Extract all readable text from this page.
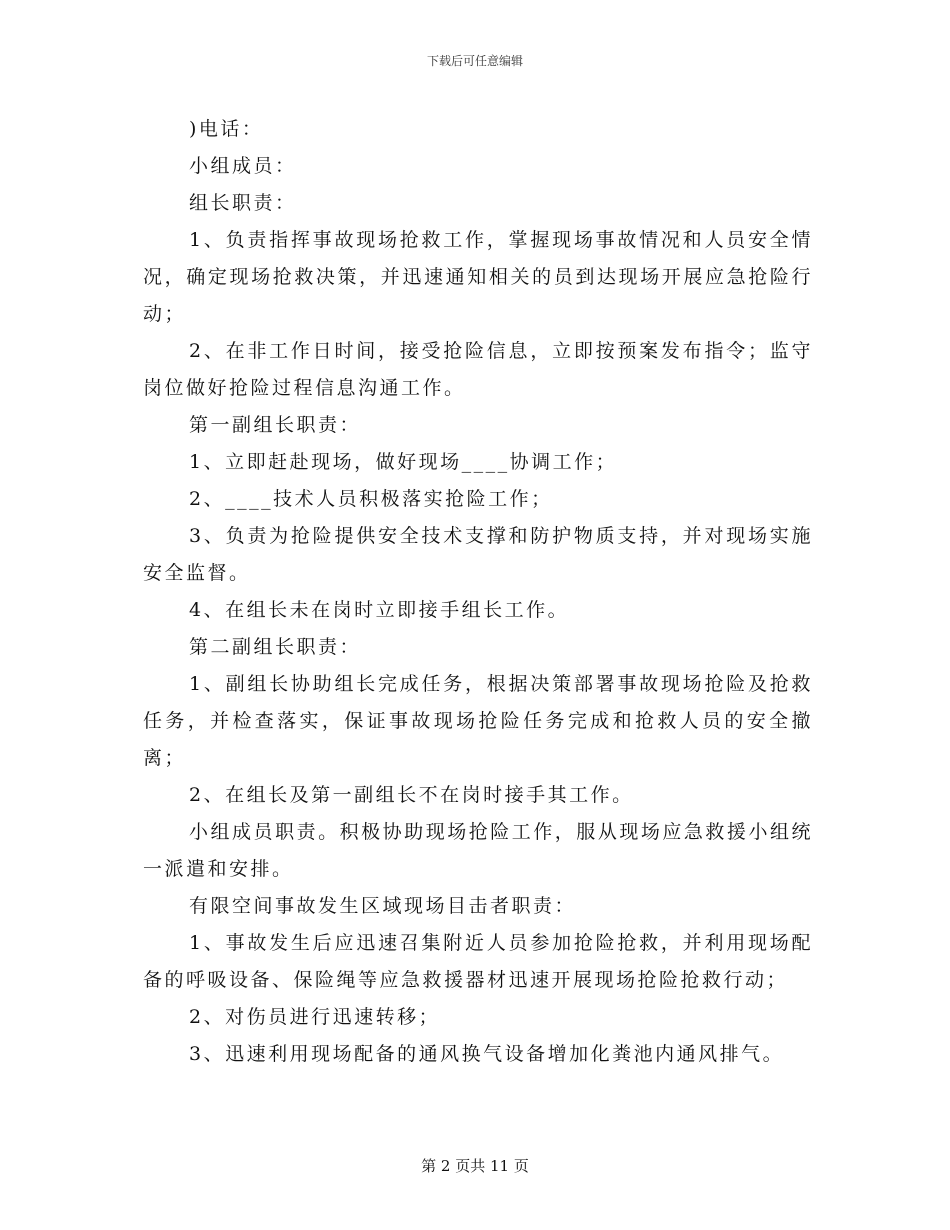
下载后可任意编辑

)电话：

小组成员：

组长职责：

1、负责指挥事故现场抢救工作，掌握现场事故情况和人员安全情况，确定现场抢救决策，并迅速通知相关的员到达现场开展应急抢险行动；

2、在非工作日时间，接受抢险信息，立即按预案发布指令；监守岗位做好抢险过程信息沟通工作。

第一副组长职责：

1、立即赶赴现场，做好现场____协调工作；

2、____技术人员积极落实抢险工作；

3、负责为抢险提供安全技术支撑和防护物质支持，并对现场实施安全监督。

4、在组长未在岗时立即接手组长工作。

第二副组长职责：

1、副组长协助组长完成任务，根据决策部署事故现场抢险及抢救任务，并检查落实，保证事故现场抢险任务完成和抢救人员的安全撤离；

2、在组长及第一副组长不在岗时接手其工作。

小组成员职责。积极协助现场抢险工作，服从现场应急救援小组统一派遣和安排。

有限空间事故发生区域现场目击者职责：

1、事故发生后应迅速召集附近人员参加抢险抢救，并利用现场配备的呼吸设备、保险绳等应急救援器材迅速开展现场抢险抢救行动；

2、对伤员进行迅速转移；

3、迅速利用现场配备的通风换气设备增加化粪池内通风排气。

第 2 页共 11 页
